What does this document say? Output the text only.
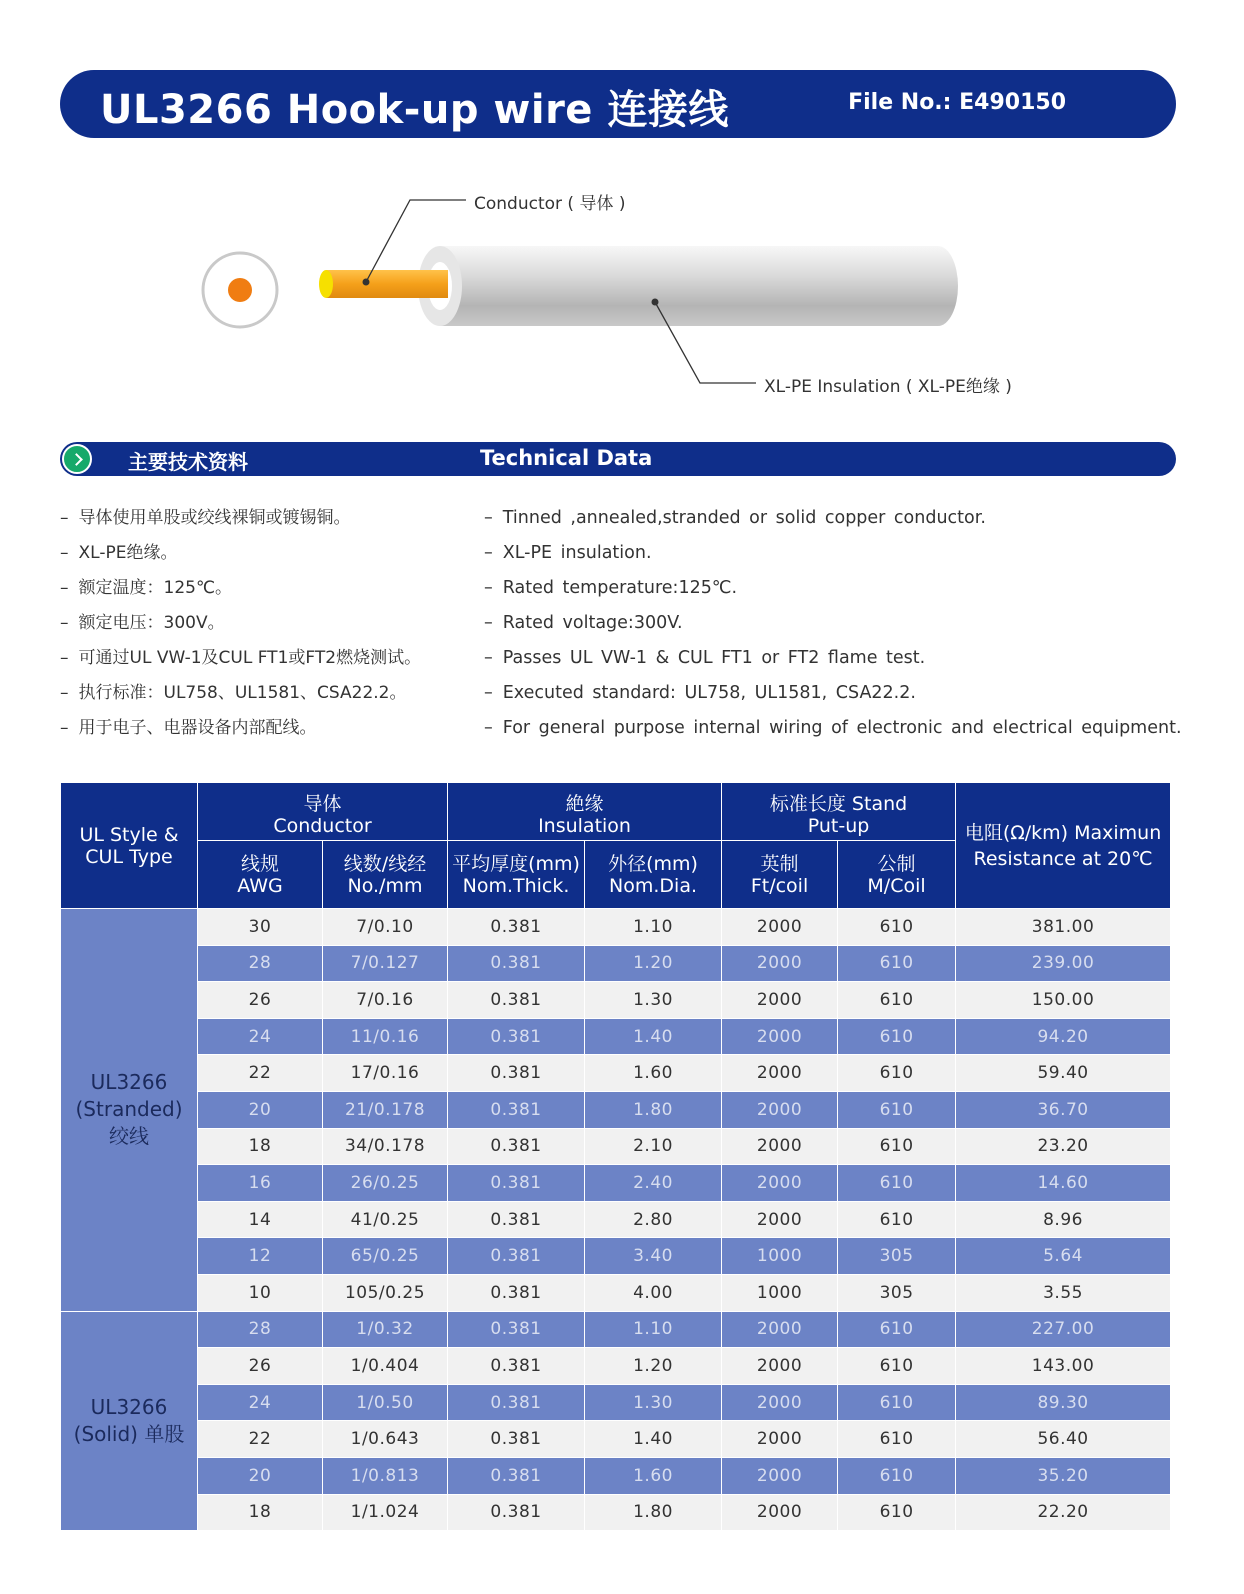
UL3266 Hook-up wire 连接线	File No.: E490150
Conductor ( 导体 )
XL-PE Insulation ( XL-PE绝缘 )
主要技术资料	Technical Data
– 导体使用单股或绞线裸铜或镀锡铜。
– XL-PE绝缘。
– 额定温度：125℃。
– 额定电压：300V。
– 可通过UL VW-1及CUL FT1或FT2燃烧测试。
– 执行标准：UL758、UL1581、CSA22.2。
– 用于电子、电器设备内部配线。
– Tinned ,annealed,stranded or solid copper conductor.
– XL-PE insulation.
– Rated temperature:125℃.
– Rated voltage:300V.
– Passes UL VW-1 & CUL FT1 or FT2 flame test.
– Executed standard: UL758, UL1581, CSA22.2.
– For general purpose internal wiring of electronic and electrical equipment.
UL Style & CUL Type	导体 Conductor		絶缘 Insulation		标准长度 Stand Put-up		电阻(Ω/km) Maximun Resistance at 20℃
	线规 AWG	线数/线经 No./mm	平均厚度(mm) Nom.Thick.	外径(mm) Nom.Dia.	英制 Ft/coil	公制 M/Coil	
UL3266 (Stranded) 绞线	30	7/0.10	0.381	1.10	2000	610	381.00
	28	7/0.127	0.381	1.20	2000	610	239.00
	26	7/0.16	0.381	1.30	2000	610	150.00
	24	11/0.16	0.381	1.40	2000	610	94.20
	22	17/0.16	0.381	1.60	2000	610	59.40
	20	21/0.178	0.381	1.80	2000	610	36.70
	18	34/0.178	0.381	2.10	2000	610	23.20
	16	26/0.25	0.381	2.40	2000	610	14.60
	14	41/0.25	0.381	2.80	2000	610	8.96
	12	65/0.25	0.381	3.40	1000	305	5.64
	10	105/0.25	0.381	4.00	1000	305	3.55
UL3266 (Solid) 单股	28	1/0.32	0.381	1.10	2000	610	227.00
	26	1/0.404	0.381	1.20	2000	610	143.00
	24	1/0.50	0.381	1.30	2000	610	89.30
	22	1/0.643	0.381	1.40	2000	610	56.40
	20	1/0.813	0.381	1.60	2000	610	35.20
	18	1/1.024	0.381	1.80	2000	610	22.20
